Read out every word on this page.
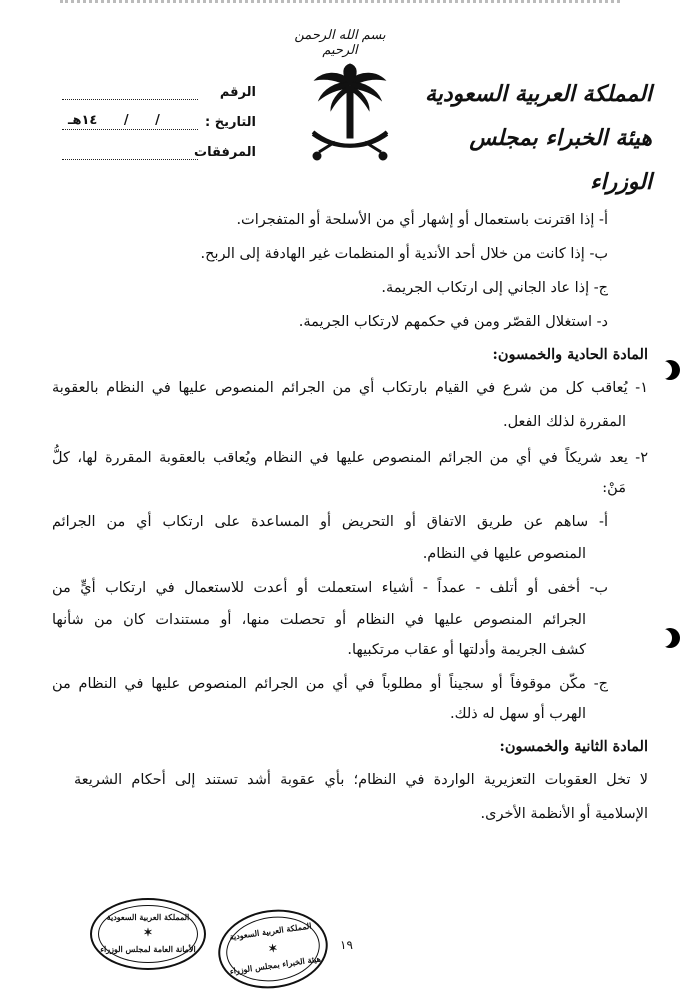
بسم الله الرحمن الرحيم
المملكة العربية السعودية
هيئة الخبراء بمجلس الوزراء
الرقم
التاريخ :
/ / ١٤هـ
المرفقات
أ- إذا اقترنت باستعمال أو إشهار أي من الأسلحة أو المتفجرات.
ب- إذا كانت من خلال أحد الأندية أو المنظمات غير الهادفة إلى الربح.
ج- إذا عاد الجاني إلى ارتكاب الجريمة.
د- استغلال القصّر ومن في حكمهم لارتكاب الجريمة.
المادة الحادية والخمسون:
١- يُعاقب كل من شرع في القيام بارتكاب أي من الجرائم المنصوص عليها في النظام بالعقوبة
المقررة لذلك الفعل.
٢- يعد شريكاً في أي من الجرائم المنصوص عليها في النظام ويُعاقب بالعقوبة المقررة لها، كلُّ
مَنْ:
أ- ساهم عن طريق الاتفاق أو التحريض أو المساعدة على ارتكاب أي من الجرائم
المنصوص عليها في النظام.
ب- أخفى أو أتلف - عمداً - أشياء استعملت أو أعدت للاستعمال في ارتكاب أيٍّ من
الجرائم المنصوص عليها في النظام أو تحصلت منها، أو مستندات كان من شأنها
كشف الجريمة وأدلتها أو عقاب مرتكبيها.
ج- مكّن موقوفاً أو سجيناً أو مطلوباً في أي من الجرائم المنصوص عليها في النظام من
الهرب أو سهل له ذلك.
المادة الثانية والخمسون:
لا تخل العقوبات التعزيرية الواردة في النظام؛ بأي عقوبة أشد تستند إلى أحكام الشريعة
الإسلامية أو الأنظمة الأخرى.
المملكة العربية السعودية
✶
الأمانة العامة لمجلس الوزراء
المملكة العربية السعودية
✶
هيئة الخبراء بمجلس الوزراء
١٩
